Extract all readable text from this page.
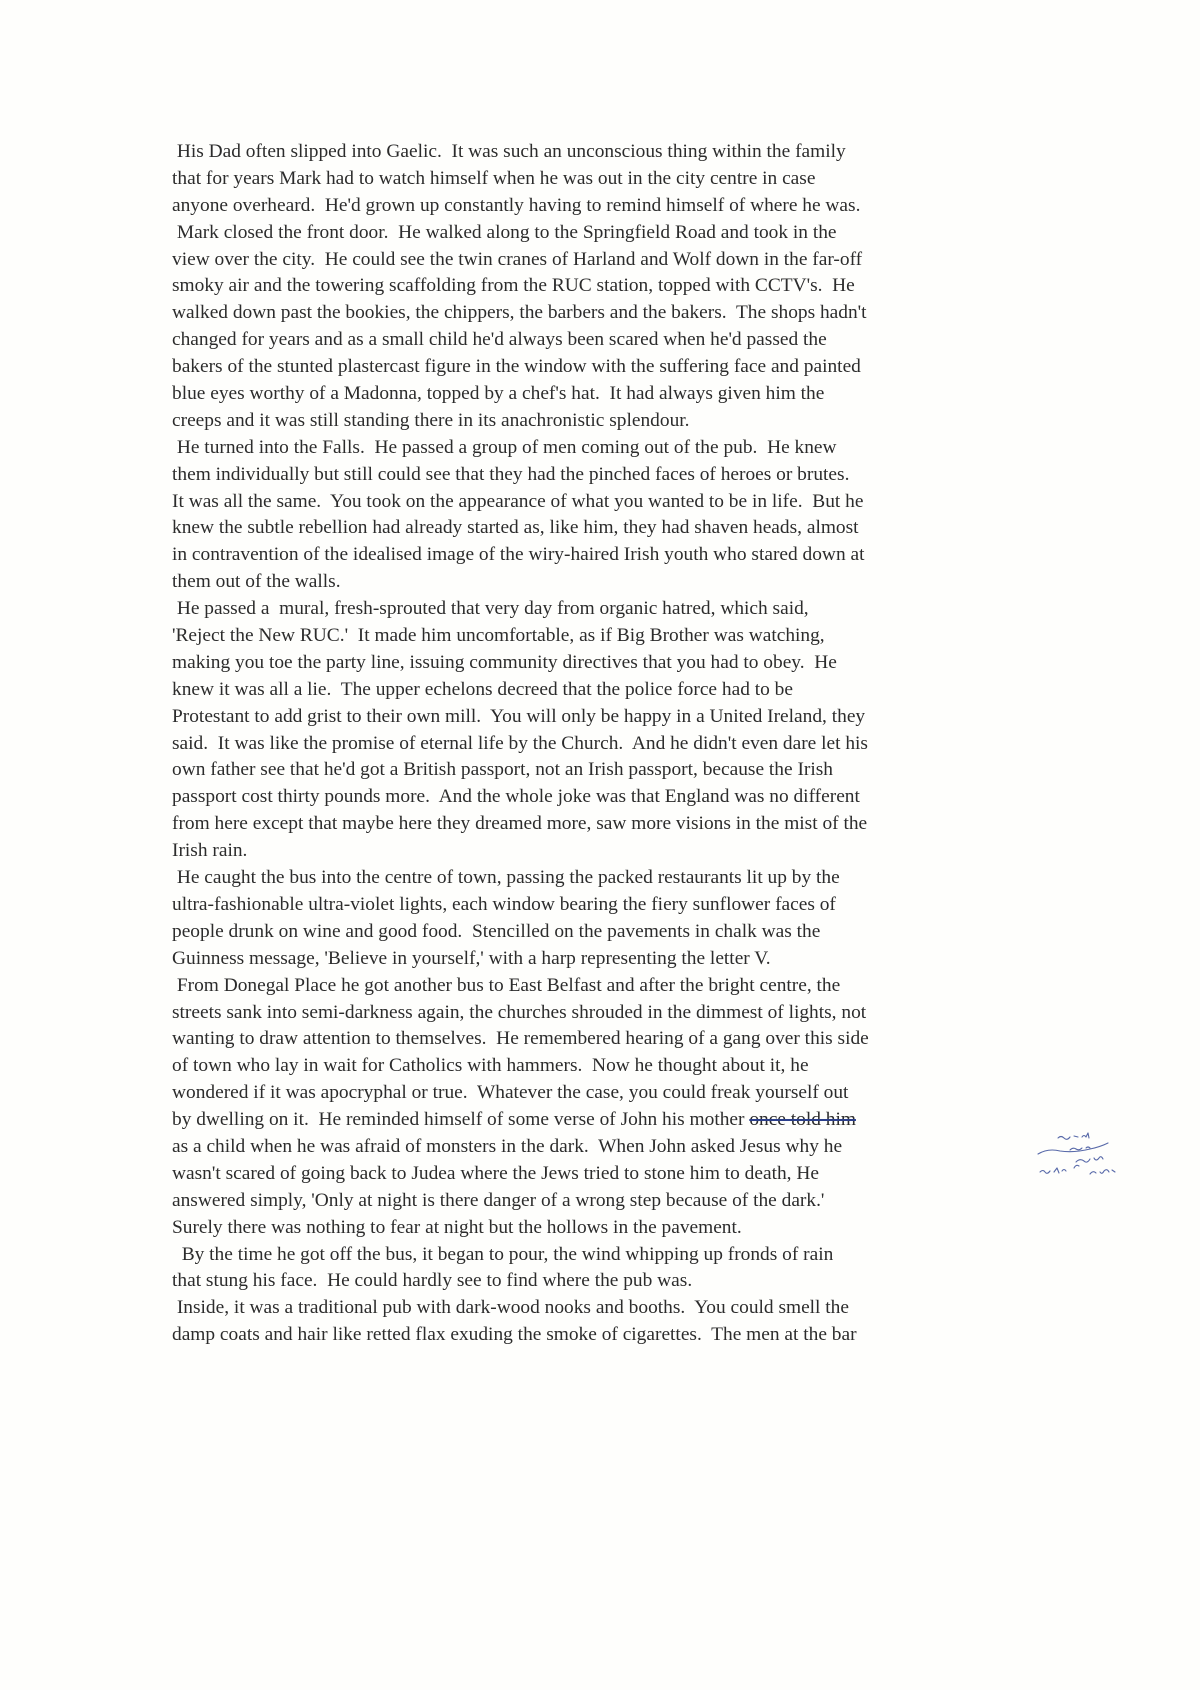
His Dad often slipped into Gaelic.  It was such an unconscious thing within the family
that for years Mark had to watch himself when he was out in the city centre in case
anyone overheard.  He'd grown up constantly having to remind himself of where he was.
Mark closed the front door.  He walked along to the Springfield Road and took in the
view over the city.  He could see the twin cranes of Harland and Wolf down in the far-off
smoky air and the towering scaffolding from the RUC station, topped with CCTV's.  He
walked down past the bookies, the chippers, the barbers and the bakers.  The shops hadn't
changed for years and as a small child he'd always been scared when he'd passed the
bakers of the stunted plastercast figure in the window with the suffering face and painted
blue eyes worthy of a Madonna, topped by a chef's hat.  It had always given him the
creeps and it was still standing there in its anachronistic splendour.
He turned into the Falls.  He passed a group of men coming out of the pub.  He knew
them individually but still could see that they had the pinched faces of heroes or brutes.
It was all the same.  You took on the appearance of what you wanted to be in life.  But he
knew the subtle rebellion had already started as, like him, they had shaven heads, almost
in contravention of the idealised image of the wiry-haired Irish youth who stared down at
them out of the walls.
He passed a  mural, fresh-sprouted that very day from organic hatred, which said,
'Reject the New RUC.'  It made him uncomfortable, as if Big Brother was watching,
making you toe the party line, issuing community directives that you had to obey.  He
knew it was all a lie.  The upper echelons decreed that the police force had to be
Protestant to add grist to their own mill.  You will only be happy in a United Ireland, they
said.  It was like the promise of eternal life by the Church.  And he didn't even dare let his
own father see that he'd got a British passport, not an Irish passport, because the Irish
passport cost thirty pounds more.  And the whole joke was that England was no different
from here except that maybe here they dreamed more, saw more visions in the mist of the
Irish rain.
He caught the bus into the centre of town, passing the packed restaurants lit up by the
ultra-fashionable ultra-violet lights, each window bearing the fiery sunflower faces of
people drunk on wine and good food.  Stencilled on the pavements in chalk was the
Guinness message, 'Believe in yourself,' with a harp representing the letter V.
From Donegal Place he got another bus to East Belfast and after the bright centre, the
streets sank into semi-darkness again, the churches shrouded in the dimmest of lights, not
wanting to draw attention to themselves.  He remembered hearing of a gang over this side
of town who lay in wait for Catholics with hammers.  Now he thought about it, he
wondered if it was apocryphal or true.  Whatever the case, you could freak yourself out
by dwelling on it.  He reminded himself of some verse of John his mother once told him
as a child when he was afraid of monsters in the dark.  When John asked Jesus why he
wasn't scared of going back to Judea where the Jews tried to stone him to death, He
answered simply, 'Only at night is there danger of a wrong step because of the dark.'
Surely there was nothing to fear at night but the hollows in the pavement.
By the time he got off the bus, it began to pour, the wind whipping up fronds of rain
that stung his face.  He could hardly see to find where the pub was.
Inside, it was a traditional pub with dark-wood nooks and booths.  You could smell the
damp coats and hair like retted flax exuding the smoke of cigarettes.  The men at the bar
